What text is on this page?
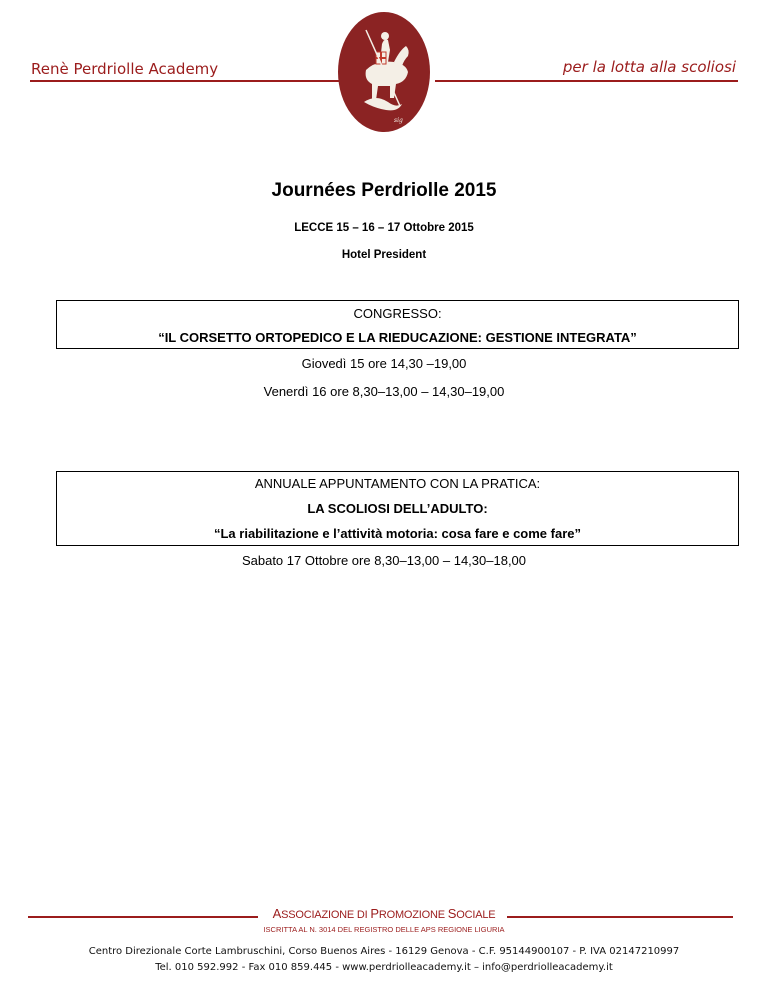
Renè Perdriolle Academy	per la lotta alla scoliosi
sig
Journées Perdriolle 2015
LECCE 15 – 16 – 17 Ottobre 2015
Hotel President
CONGRESSO:
“IL CORSETTO ORTOPEDICO E LA RIEDUCAZIONE: GESTIONE INTEGRATA”
Giovedì 15 ore 14,30 –19,00
Venerdì 16 ore 8,30–13,00 – 14,30–19,00
ANNUALE APPUNTAMENTO CON LA PRATICA:
LA SCOLIOSI DELL’ADULTO:
“La riabilitazione e l’attività motoria: cosa fare e come fare”
Sabato 17 Ottobre ore 8,30–13,00 – 14,30–18,00
ASSOCIAZIONE DI PROMOZIONE SOCIALE
ISCRITTA AL N. 3014 DEL REGISTRO DELLE APS REGIONE LIGURIA
Centro Direzionale Corte Lambruschini, Corso Buenos Aires - 16129 Genova - C.F. 95144900107 - P. IVA 02147210997
Tel. 010 592.992 - Fax 010 859.445 - www.perdriolleacademy.it – info@perdriolleacademy.it
